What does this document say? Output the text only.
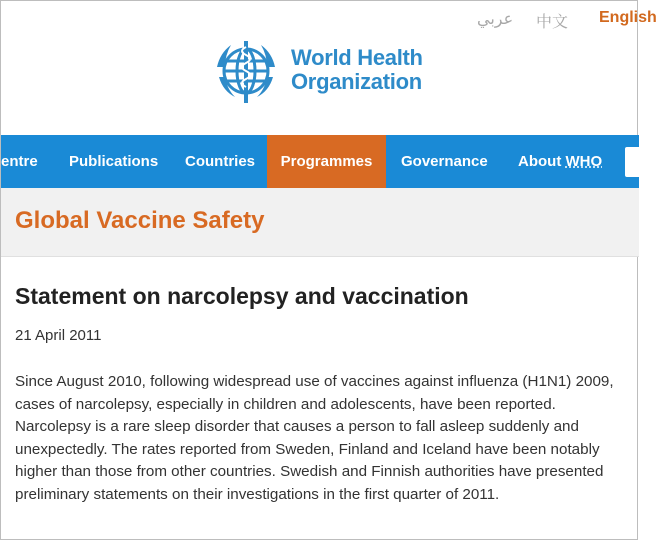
عربي 中文 English
World Health
Organization
entre Publications Countries	Programmes	Governance About WHO
Global Vaccine Safety
Statement on narcolepsy and vaccination
21 April 2011

Since August 2010, following widespread use of vaccines against influenza (H1N1) 2009, cases of narcolepsy, especially in children and adolescents, have been reported. Narcolepsy is a rare sleep disorder that causes a person to fall asleep suddenly and unexpectedly. The rates reported from Sweden, Finland and Iceland have been notably higher than those from other countries. Swedish and Finnish authorities have presented preliminary statements on their investigations in the first quarter of 2011.
